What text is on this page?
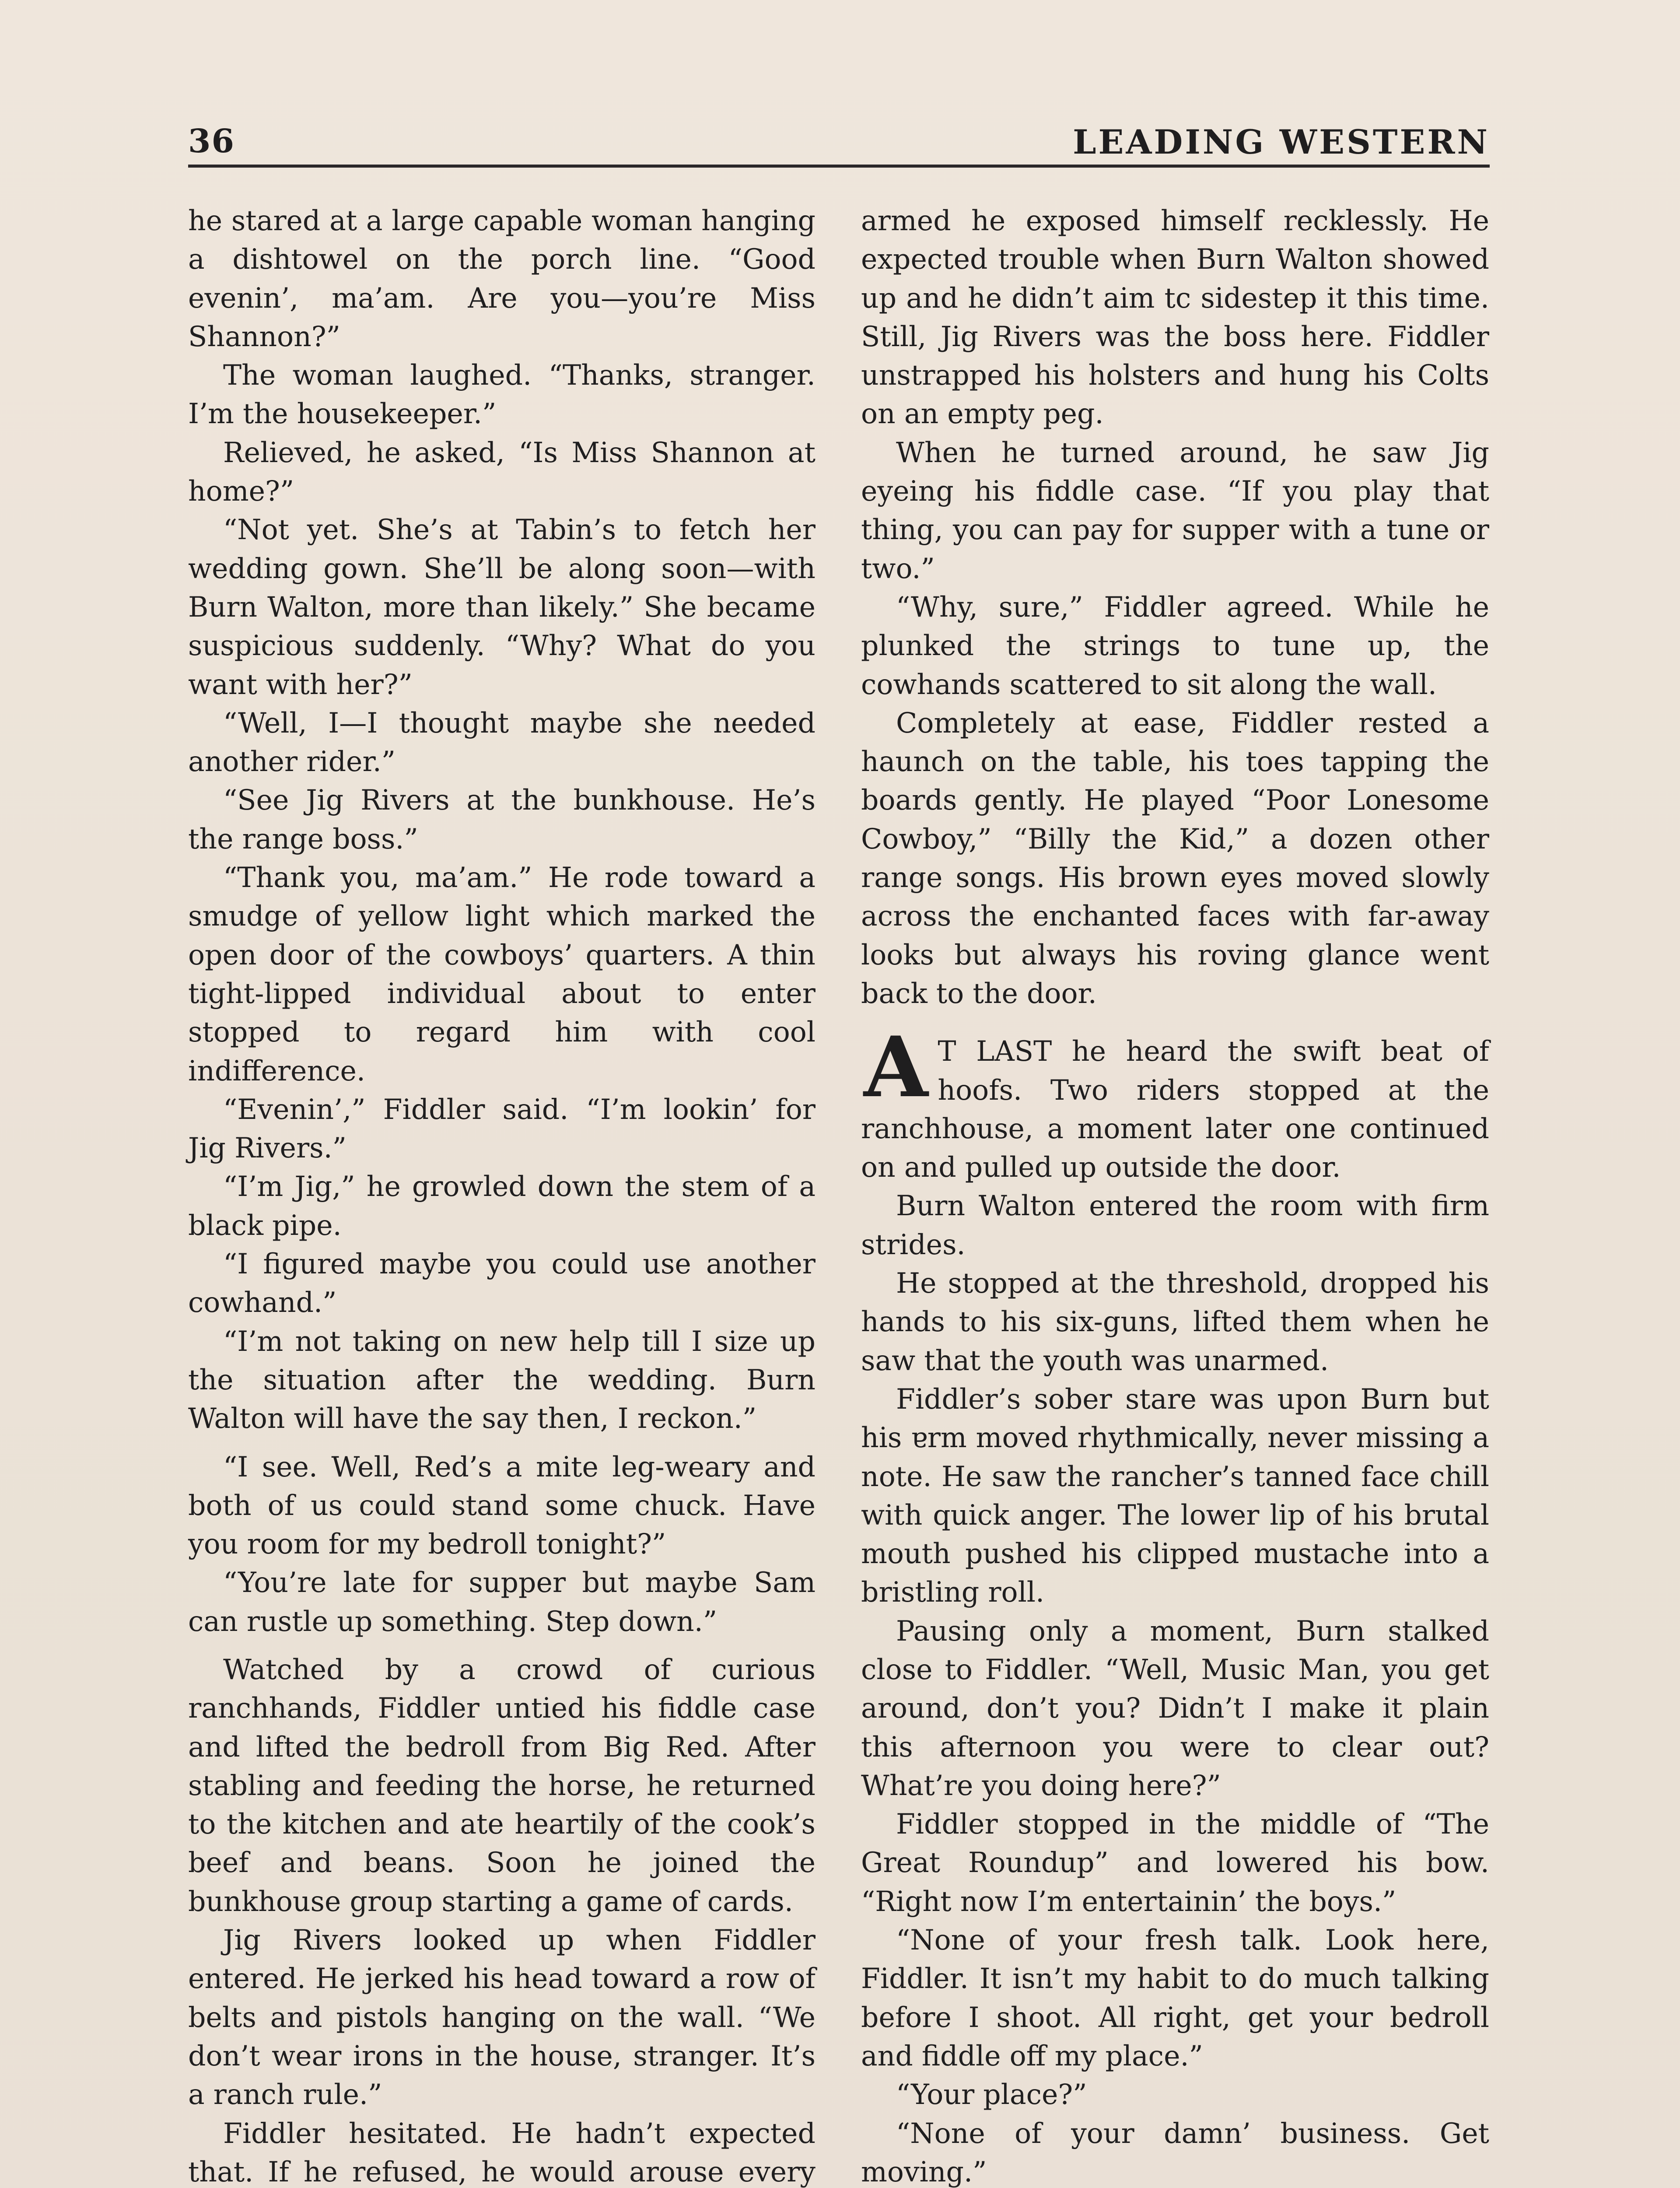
36	LEADING WESTERN

he stared at a large capable woman hanging a dishtowel on the porch line. “Good evenin’, ma’am. Are you—you’re Miss Shannon?”

The woman laughed. “Thanks, stranger. I’m the housekeeper.”

Relieved, he asked, “Is Miss Shannon at home?”

“Not yet. She’s at Tabin’s to fetch her wedding gown. She’ll be along soon—with Burn Walton, more than likely.” She became suspicious suddenly. “Why? What do you want with her?”

“Well, I—I thought maybe she needed another rider.”

“See Jig Rivers at the bunkhouse. He’s the range boss.”

“Thank you, ma’am.” He rode toward a smudge of yellow light which marked the open door of the cowboys’ quarters. A thin tight-lipped individual about to enter stopped to regard him with cool indifference.

“Evenin’,” Fiddler said. “I’m lookin’ for Jig Rivers.”

“I’m Jig,” he growled down the stem of a black pipe.

“I figured maybe you could use another cowhand.”

“I’m not taking on new help till I size up the situation after the wedding. Burn Walton will have the say then, I reckon.”

“I see. Well, Red’s a mite leg-weary and both of us could stand some chuck. Have you room for my bedroll tonight?”

“You’re late for supper but maybe Sam can rustle up something. Step down.”

Watched by a crowd of curious ranchhands, Fiddler untied his fiddle case and lifted the bedroll from Big Red. After stabling and feeding the horse, he returned to the kitchen and ate heartily of the cook’s beef and beans. Soon he joined the bunkhouse group starting a game of cards.

Jig Rivers looked up when Fiddler entered. He jerked his head toward a row of belts and pistols hanging on the wall. “We don’t wear irons in the house, stranger. It’s a ranch rule.”

Fiddler hesitated. He hadn’t expected that. If he refused, he would arouse every

armed he exposed himself recklessly. He expected trouble when Burn Walton showed up and he didn’t aim tc sidestep it this time. Still, Jig Rivers was the boss here. Fiddler unstrapped his holsters and hung his Colts on an empty peg.

When he turned around, he saw Jig eyeing his fiddle case. “If you play that thing, you can pay for supper with a tune or two.”

“Why, sure,” Fiddler agreed. While he plunked the strings to tune up, the cowhands scattered to sit along the wall.

Completely at ease, Fiddler rested a haunch on the table, his toes tapping the boards gently. He played “Poor Lonesome Cowboy,” “Billy the Kid,” a dozen other range songs. His brown eyes moved slowly across the enchanted faces with far-away looks but always his roving glance went back to the door.

A T LAST he heard the swift beat of hoofs. Two riders stopped at the ranchhouse, a moment later one continued on and pulled up outside the door.

Burn Walton entered the room with firm strides.

He stopped at the threshold, dropped his hands to his six-guns, lifted them when he saw that the youth was unarmed.

Fiddler’s sober stare was upon Burn but his ɐrm moved rhythmically, never missing a note. He saw the rancher’s tanned face chill with quick anger. The lower lip of his brutal mouth pushed his clipped mustache into a bristling roll.

Pausing only a moment, Burn stalked close to Fiddler. “Well, Music Man, you get around, don’t you? Didn’t I make it plain this afternoon you were to clear out? What’re you doing here?”

Fiddler stopped in the middle of “The Great Roundup” and lowered his bow. “Right now I’m entertainin’ the boys.”

“None of your fresh talk. Look here, Fiddler. It isn’t my habit to do much talking before I shoot. All right, get your bedroll and fiddle off my place.”

“Your place?”

“None of your damn’ business. Get moving.”
